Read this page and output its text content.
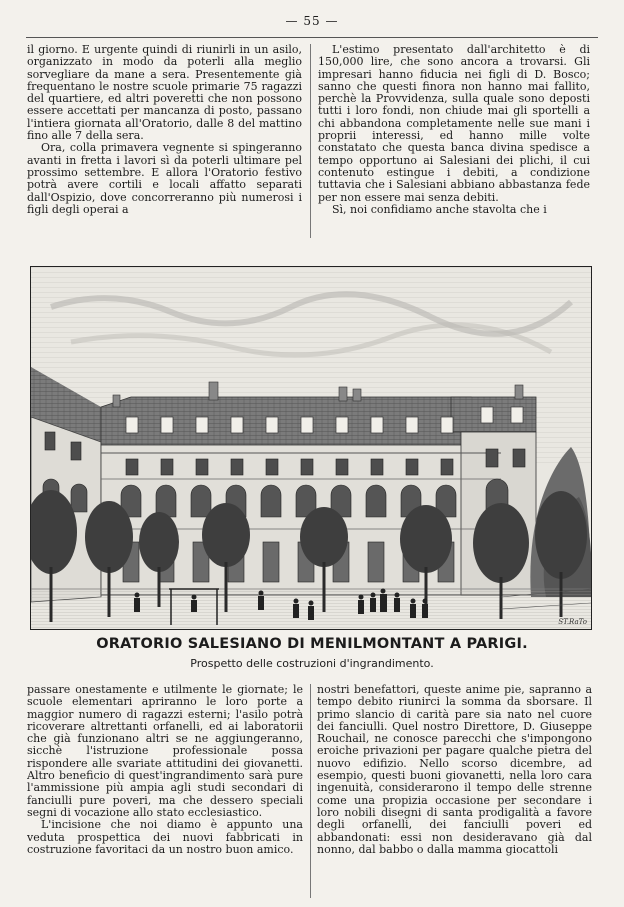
— 55 —

il giorno. È urgente quindi di riunirli in un asilo, organizzato in modo da poterli alla meglio sorvegliare da mane a sera. Presentemente già frequentano le nostre scuole primarie 75 ragazzi del quartiere, ed altri poveretti che non possono essere accettati per mancanza di posto, passano l'intiera giornata all'Oratorio, dalle 8 del mattino fino alle 7 della sera.

Ora, colla primavera vegnente si spingeranno avanti in fretta i lavori sì da poterli ultimare pel prossimo settembre. E allora l'Oratorio festivo potrà avere cortili e locali affatto separati dall'Ospizio, dove concorreranno più numerosi i figli degli operai a

L'estimo presentato dall'architetto è di 150,000 lire, che sono ancora a trovarsi. Gli impresari hanno fiducia nei figli di D. Bosco; sanno che questi finora non hanno mai fallito, perchè la Provvidenza, sulla quale sono deposti tutti i loro fondi, non chiude mai gli sportelli a chi abbandona completamente nelle sue mani i proprii interessi, ed hanno mille volte constatato che questa banca divina spedisce a tempo opportuno ai Salesiani dei plichi, il cui contenuto estingue i debiti, a condizione tuttavia che i Salesiani abbiano abbastanza fede per non essere mai senza debiti.

Sì, noi confidiamo anche stavolta che i

ST.RaTo
ORATORIO SALESIANO DI MENILMONTANT A PARIGI.
Prospetto delle costruzioni d'ingrandimento.

passare onestamente e utilmente le giornate; le scuole elementari apriranno le loro porte a maggior numero di ragazzi esterni; l'asilo potrà ricoverare altrettanti orfanelli, ed ai laboratorii che già funzionano altri se ne aggiungeranno, sicchè l'istruzione professionale possa rispondere alle svariate attitudini dei giovanetti. Altro beneficio di quest'ingrandimento sarà pure l'ammissione più ampia agli studi secondari di fanciulli pure poveri, ma che dessero speciali segni di vocazione allo stato ecclesiastico.

L'incisione che noi diamo è appunto una veduta prospettica dei nuovi fabbricati in costruzione favoritaci da un nostro buon amico.

nostri benefattori, queste anime pie, sapranno a tempo debito riunirci la somma da sborsare. Il primo slancio di carità pare sia nato nel cuore dei fanciulli. Quel nostro Direttore, D. Giuseppe Rouchail, ne conosce parecchi che s'impongono eroiche privazioni per pagare qualche pietra del nuovo edifizio. Nello scorso dicembre, ad esempio, questi buoni giovanetti, nella loro cara ingenuità, considerarono il tempo delle strenne come una propizia occasione per secondare i loro nobili disegni di santa prodigalità a favore degli orfanelli, dei fanciulli poveri ed abbandonati: essi non desideravano già dal nonno, dal babbo o dalla mamma giocattoli
